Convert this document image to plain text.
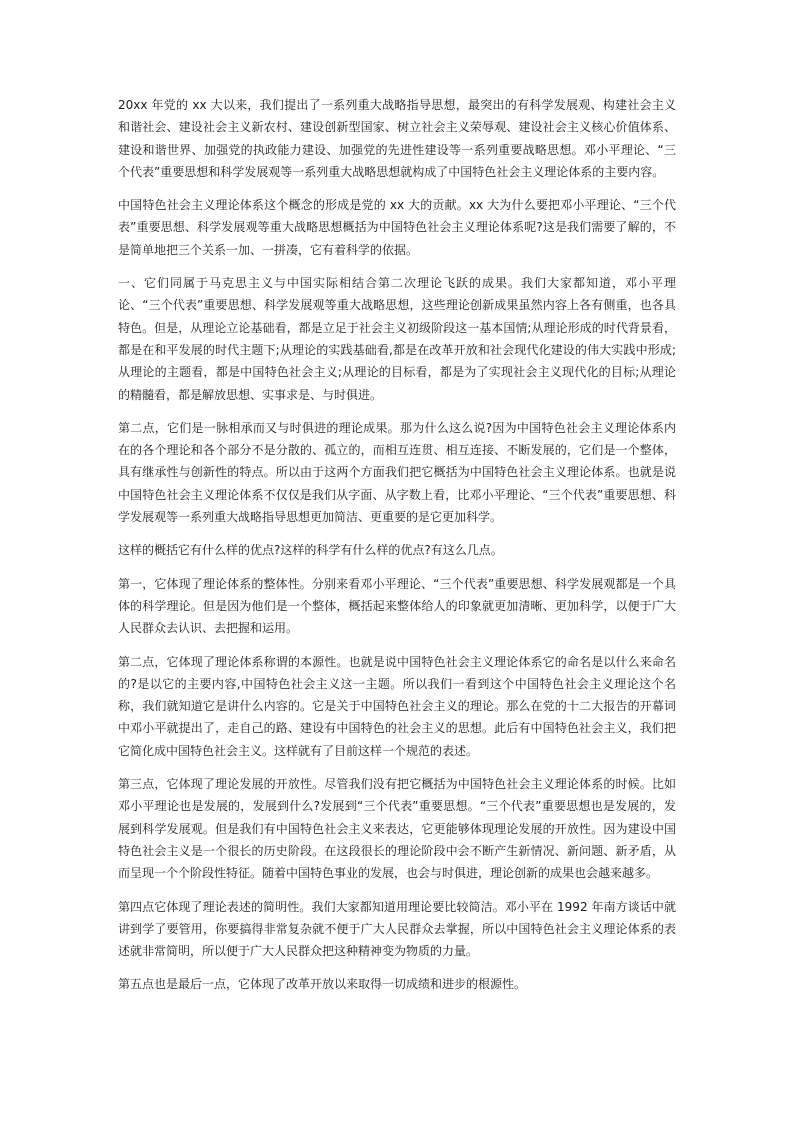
20xx 年党的 xx 大以来，我们提出了一系列重大战略指导思想，最突出的有科学发展观、构建社会主义和谐社会、建设社会主义新农村、建设创新型国家、树立社会主义荣辱观、建设社会主义核心价值体系、建设和谐世界、加强党的执政能力建设、加强党的先进性建设等一系列重要战略思想。邓小平理论、“三个代表”重要思想和科学发展观等一系列重大战略思想就构成了中国特色社会主义理论体系的主要内容。

中国特色社会主义理论体系这个概念的形成是党的 xx 大的贡献。xx 大为什么要把邓小平理论、“三个代表”重要思想、科学发展观等重大战略思想概括为中国特色社会主义理论体系呢?这是我们需要了解的，不是简单地把三个关系一加、一拼凑，它有着科学的依据。

一、它们同属于马克思主义与中国实际相结合第二次理论飞跃的成果。我们大家都知道，邓小平理论、“三个代表”重要思想、科学发展观等重大战略思想，这些理论创新成果虽然内容上各有侧重，也各具特色。但是，从理论立论基础看，都是立足于社会主义初级阶段这一基本国情;从理论形成的时代背景看，都是在和平发展的时代主题下;从理论的实践基础看,都是在改革开放和社会现代化建设的伟大实践中形成;从理论的主题看，都是中国特色社会主义;从理论的目标看，都是为了实现社会主义现代化的目标;从理论的精髓看，都是解放思想、实事求是、与时俱进。

第二点，它们是一脉相承而又与时俱进的理论成果。那为什么这么说?因为中国特色社会主义理论体系内在的各个理论和各个部分不是分散的、孤立的，而相互连贯、相互连接、不断发展的，它们是一个整体，具有继承性与创新性的特点。所以由于这两个方面我们把它概括为中国特色社会主义理论体系。也就是说中国特色社会主义理论体系不仅仅是我们从字面、从字数上看，比邓小平理论、“三个代表”重要思想、科学发展观等一系列重大战略指导思想更加简洁、更重要的是它更加科学。

这样的概括它有什么样的优点?这样的科学有什么样的优点?有这么几点。

第一，它体现了理论体系的整体性。分别来看邓小平理论、“三个代表”重要思想、科学发展观都是一个具体的科学理论。但是因为他们是一个整体，概括起来整体给人的印象就更加清晰、更加科学，以便于广大人民群众去认识、去把握和运用。

第二点，它体现了理论体系称谓的本源性。也就是说中国特色社会主义理论体系它的命名是以什么来命名的?是以它的主要内容,中国特色社会主义这一主题。所以我们一看到这个中国特色社会主义理论这个名称，我们就知道它是讲什么内容的。它是关于中国特色社会主义的理论。那么在党的十二大报告的开幕词中邓小平就提出了，走自己的路、建设有中国特色的社会主义的思想。此后有中国特色社会主义，我们把它简化成中国特色社会主义。这样就有了目前这样一个规范的表述。

第三点，它体现了理论发展的开放性。尽管我们没有把它概括为中国特色社会主义理论体系的时候。比如邓小平理论也是发展的，发展到什么?发展到“三个代表”重要思想。“三个代表”重要思想也是发展的，发展到科学发展观。但是我们有中国特色社会主义来表达，它更能够体现理论发展的开放性。因为建设中国特色社会主义是一个很长的历史阶段。在这段很长的理论阶段中会不断产生新情况、新问题、新矛盾，从而呈现一个个阶段性特征。随着中国特色事业的发展，也会与时俱进，理论创新的成果也会越来越多。

第四点它体现了理论表述的简明性。我们大家都知道用理论要比较简洁。邓小平在 1992 年南方谈话中就讲到学了要管用，你要搞得非常复杂就不便于广大人民群众去掌握，所以中国特色社会主义理论体系的表述就非常简明，所以便于广大人民群众把这种精神变为物质的力量。

第五点也是最后一点，它体现了改革开放以来取得一切成绩和进步的根源性。
